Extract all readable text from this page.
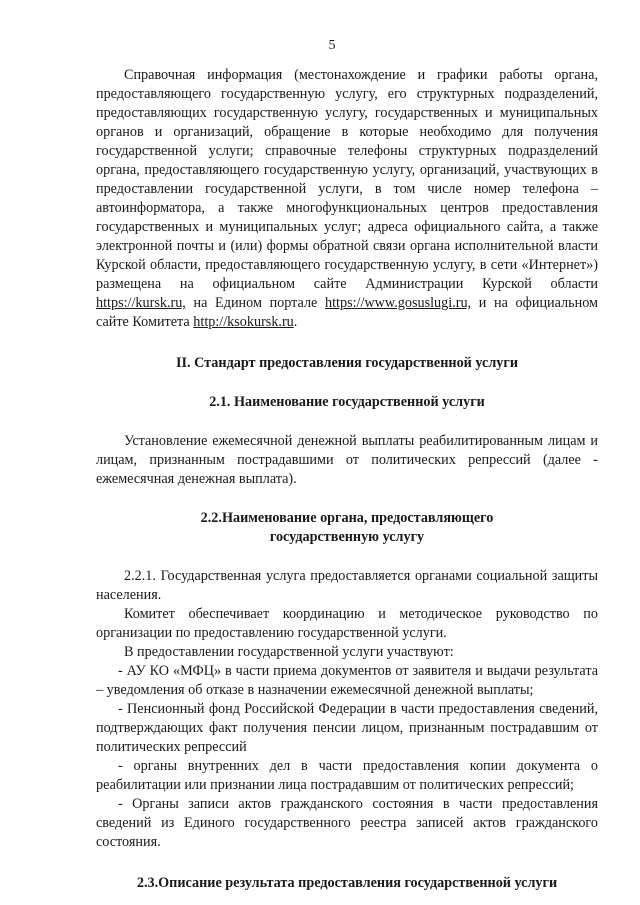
5

Справочная информация (местонахождение и графики работы органа, предоставляющего государственную услугу, его структурных подразделений, предоставляющих государственную услугу, государственных и муниципальных органов и организаций, обращение в которые необходимо для получения государственной услуги; справочные телефоны структурных подразделений органа, предоставляющего государственную услугу, организаций, участвующих в предоставлении государственной услуги, в том числе номер телефона – автоинформатора, а также многофункциональных центров предоставления государственных и муниципальных услуг; адреса официального сайта, а также электронной почты и (или) формы обратной связи органа исполнительной власти Курской области, предоставляющего государственную услугу, в сети «Интернет») размещена на официальном сайте Администрации Курской области https://kursk.ru, на Едином портале https://www.gosuslugi.ru, и на официальном сайте Комитета http://ksokursk.ru.

II. Стандарт предоставления государственной услуги
2.1. Наименование государственной услуги

Установление ежемесячной денежной выплаты реабилитированным лицам и лицам, признанным пострадавшими от политических репрессий (далее - ежемесячная денежная выплата).

2.2.Наименование органа, предоставляющего
государственную услугу

2.2.1. Государственная услуга предоставляется органами социальной защиты населения.

Комитет обеспечивает координацию и методическое руководство по организации по предоставлению государственной услуги.

В предоставлении государственной услуги участвуют:

- АУ КО «МФЦ» в части приема документов от заявителя и выдачи результата – уведомления об отказе в назначении ежемесячной денежной выплаты;

- Пенсионный фонд Российской Федерации в части предоставления сведений, подтверждающих факт получения пенсии лицом, признанным пострадавшим от политических репрессий

- органы внутренних дел в части предоставления копии документа о реабилитации или признании лица пострадавшим от политических репрессий;

- Органы записи актов гражданского состояния в части предоставления сведений из Единого государственного реестра записей актов гражданского состояния.

2.3.Описание результата предоставления государственной услуги
